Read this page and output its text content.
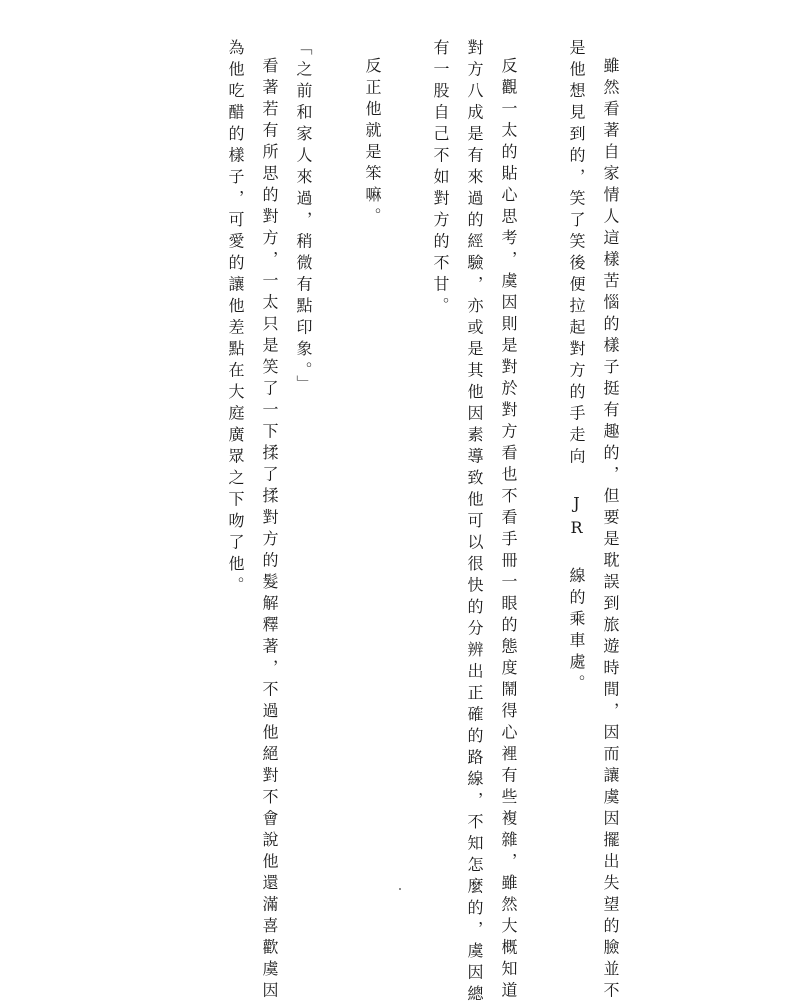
雖然看著自家情人這樣苦惱的樣子挺有趣的，但要是耽誤到旅遊時間，因而讓虞因擺出失望的臉並不
是他想見到的，笑了笑後便拉起對方的手走向 JR 線的乘車處。
反觀一太的貼心思考，虞因則是對於對方看也不看手冊一眼的態度鬧得心裡有些複雜，雖然大概知道
對方八成是有來過的經驗，亦或是其他因素導致他可以很快的分辨出正確的路線，不知怎麼的，虞因總
有一股自己不如對方的不甘。
反正他就是笨嘛。
「之前和家人來過，稍微有點印象。」
看著若有所思的對方，一太只是笑了一下揉了揉對方的髮解釋著，不過他絕對不會說他還滿喜歡虞因
為他吃醋的樣子，可愛的讓他差點在大庭廣眾之下吻了他。
